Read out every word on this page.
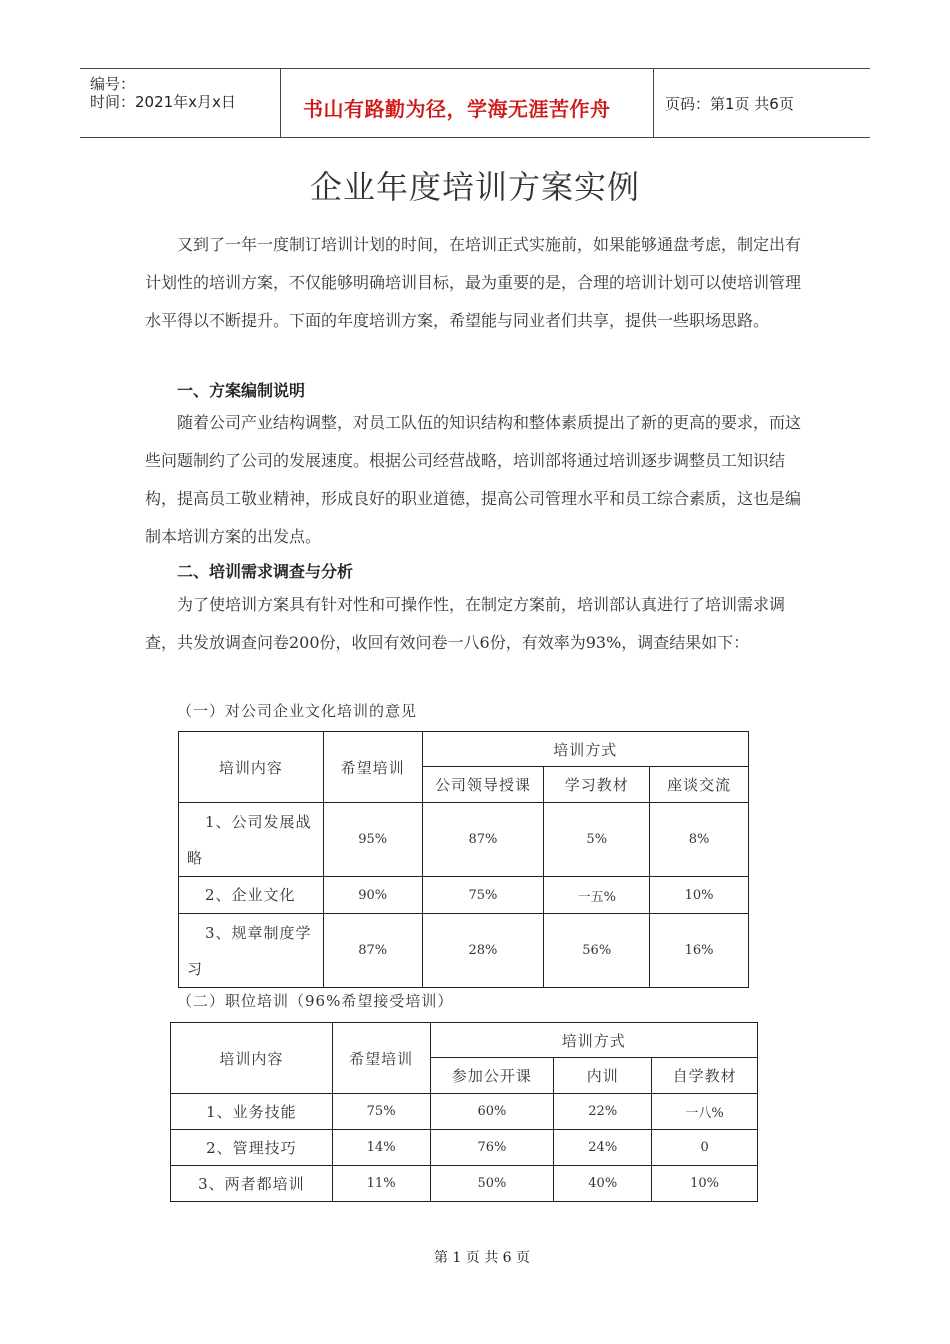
编号：
时间：2021年x月x日	书山有路勤为径，学海无涯苦作舟	页码：第1页 共6页
企业年度培训方案实例

又到了一年一度制订培训计划的时间，在培训正式实施前，如果能够通盘考虑，制定出有计划性的培训方案，不仅能够明确培训目标，最为重要的是，合理的培训计划可以使培训管理水平得以不断提升。下面的年度培训方案，希望能与同业者们共享，提供一些职场思路。

一、方案编制说明

随着公司产业结构调整，对员工队伍的知识结构和整体素质提出了新的更高的要求，而这些问题制约了公司的发展速度。根据公司经营战略，培训部将通过培训逐步调整员工知识结构，提高员工敬业精神，形成良好的职业道德，提高公司管理水平和员工综合素质，这也是编制本培训方案的出发点。

二、培训需求调查与分析

为了使培训方案具有针对性和可操作性，在制定方案前，培训部认真进行了培训需求调查，共发放调查问卷200份，收回有效问卷一八6份，有效率为93%，调查结果如下：

（一）对公司企业文化培训的意见
培训内容	希望培训	培训方式		
		公司领导授课	学习教材	座谈交流
1、公司发展战略	95%	87%	5%	8%
2、企业文化	90%	75%	一五%	10%
3、规章制度学习	87%	28%	56%	16%
（二）职位培训（96%希望接受培训）
培训内容	希望培训	培训方式		
		参加公开课	内训	自学教材
1、业务技能	75%	60%	22%	一八%
2、管理技巧	14%	76%	24%	0
3、两者都培训	11%	50%	40%	10%
第 1 页 共 6 页
